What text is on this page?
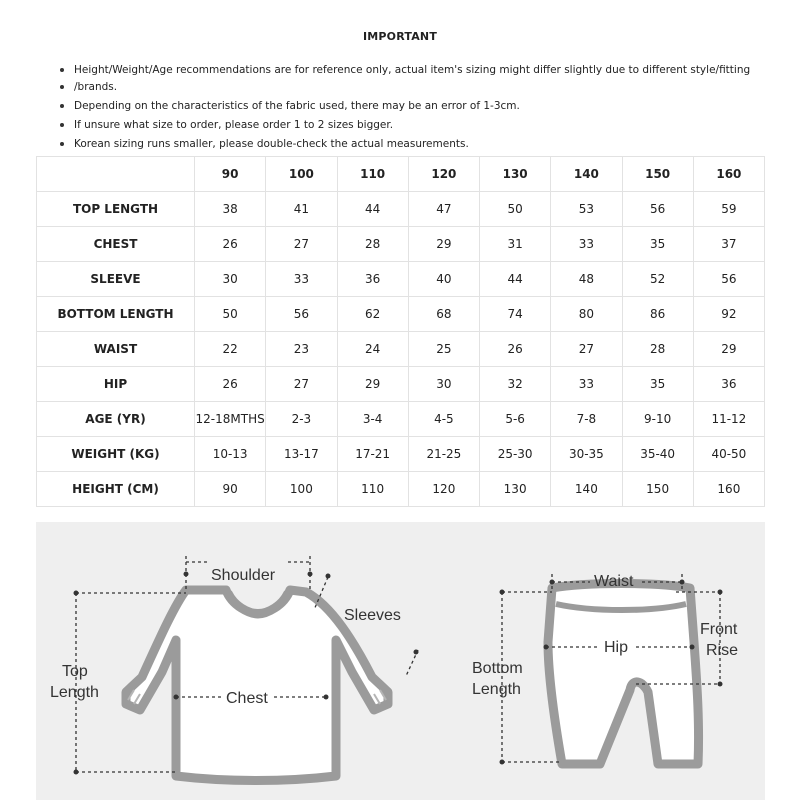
IMPORTANT
Height/Weight/Age recommendations are for reference only, actual item's sizing might differ slightly due to different style/fitting
/brands.
Depending on the characteristics of the fabric used, there may be an error of 1-3cm.
If unsure what size to order, please order 1 to 2 sizes bigger.
Korean sizing runs smaller, please double-check the actual measurements.
	90	100	110	120	130	140	150	160
TOP LENGTH	38	41	44	47	50	53	56	59
CHEST	26	27	28	29	31	33	35	37
SLEEVE	30	33	36	40	44	48	52	56
BOTTOM LENGTH	50	56	62	68	74	80	86	92
WAIST	22	23	24	25	26	27	28	29
HIP	26	27	29	30	32	33	35	36
AGE (YR)	12-18MTHS	2-3	3-4	4-5	5-6	7-8	9-10	11-12
WEIGHT (KG)	10-13	13-17	17-21	21-25	25-30	30-35	35-40	40-50
HEIGHT (CM)	90	100	110	120	130	140	150	160
Shoulder
Sleeves
Top
Length	Chest
Waist
Hip
Front
Rise
Bottom
Length
